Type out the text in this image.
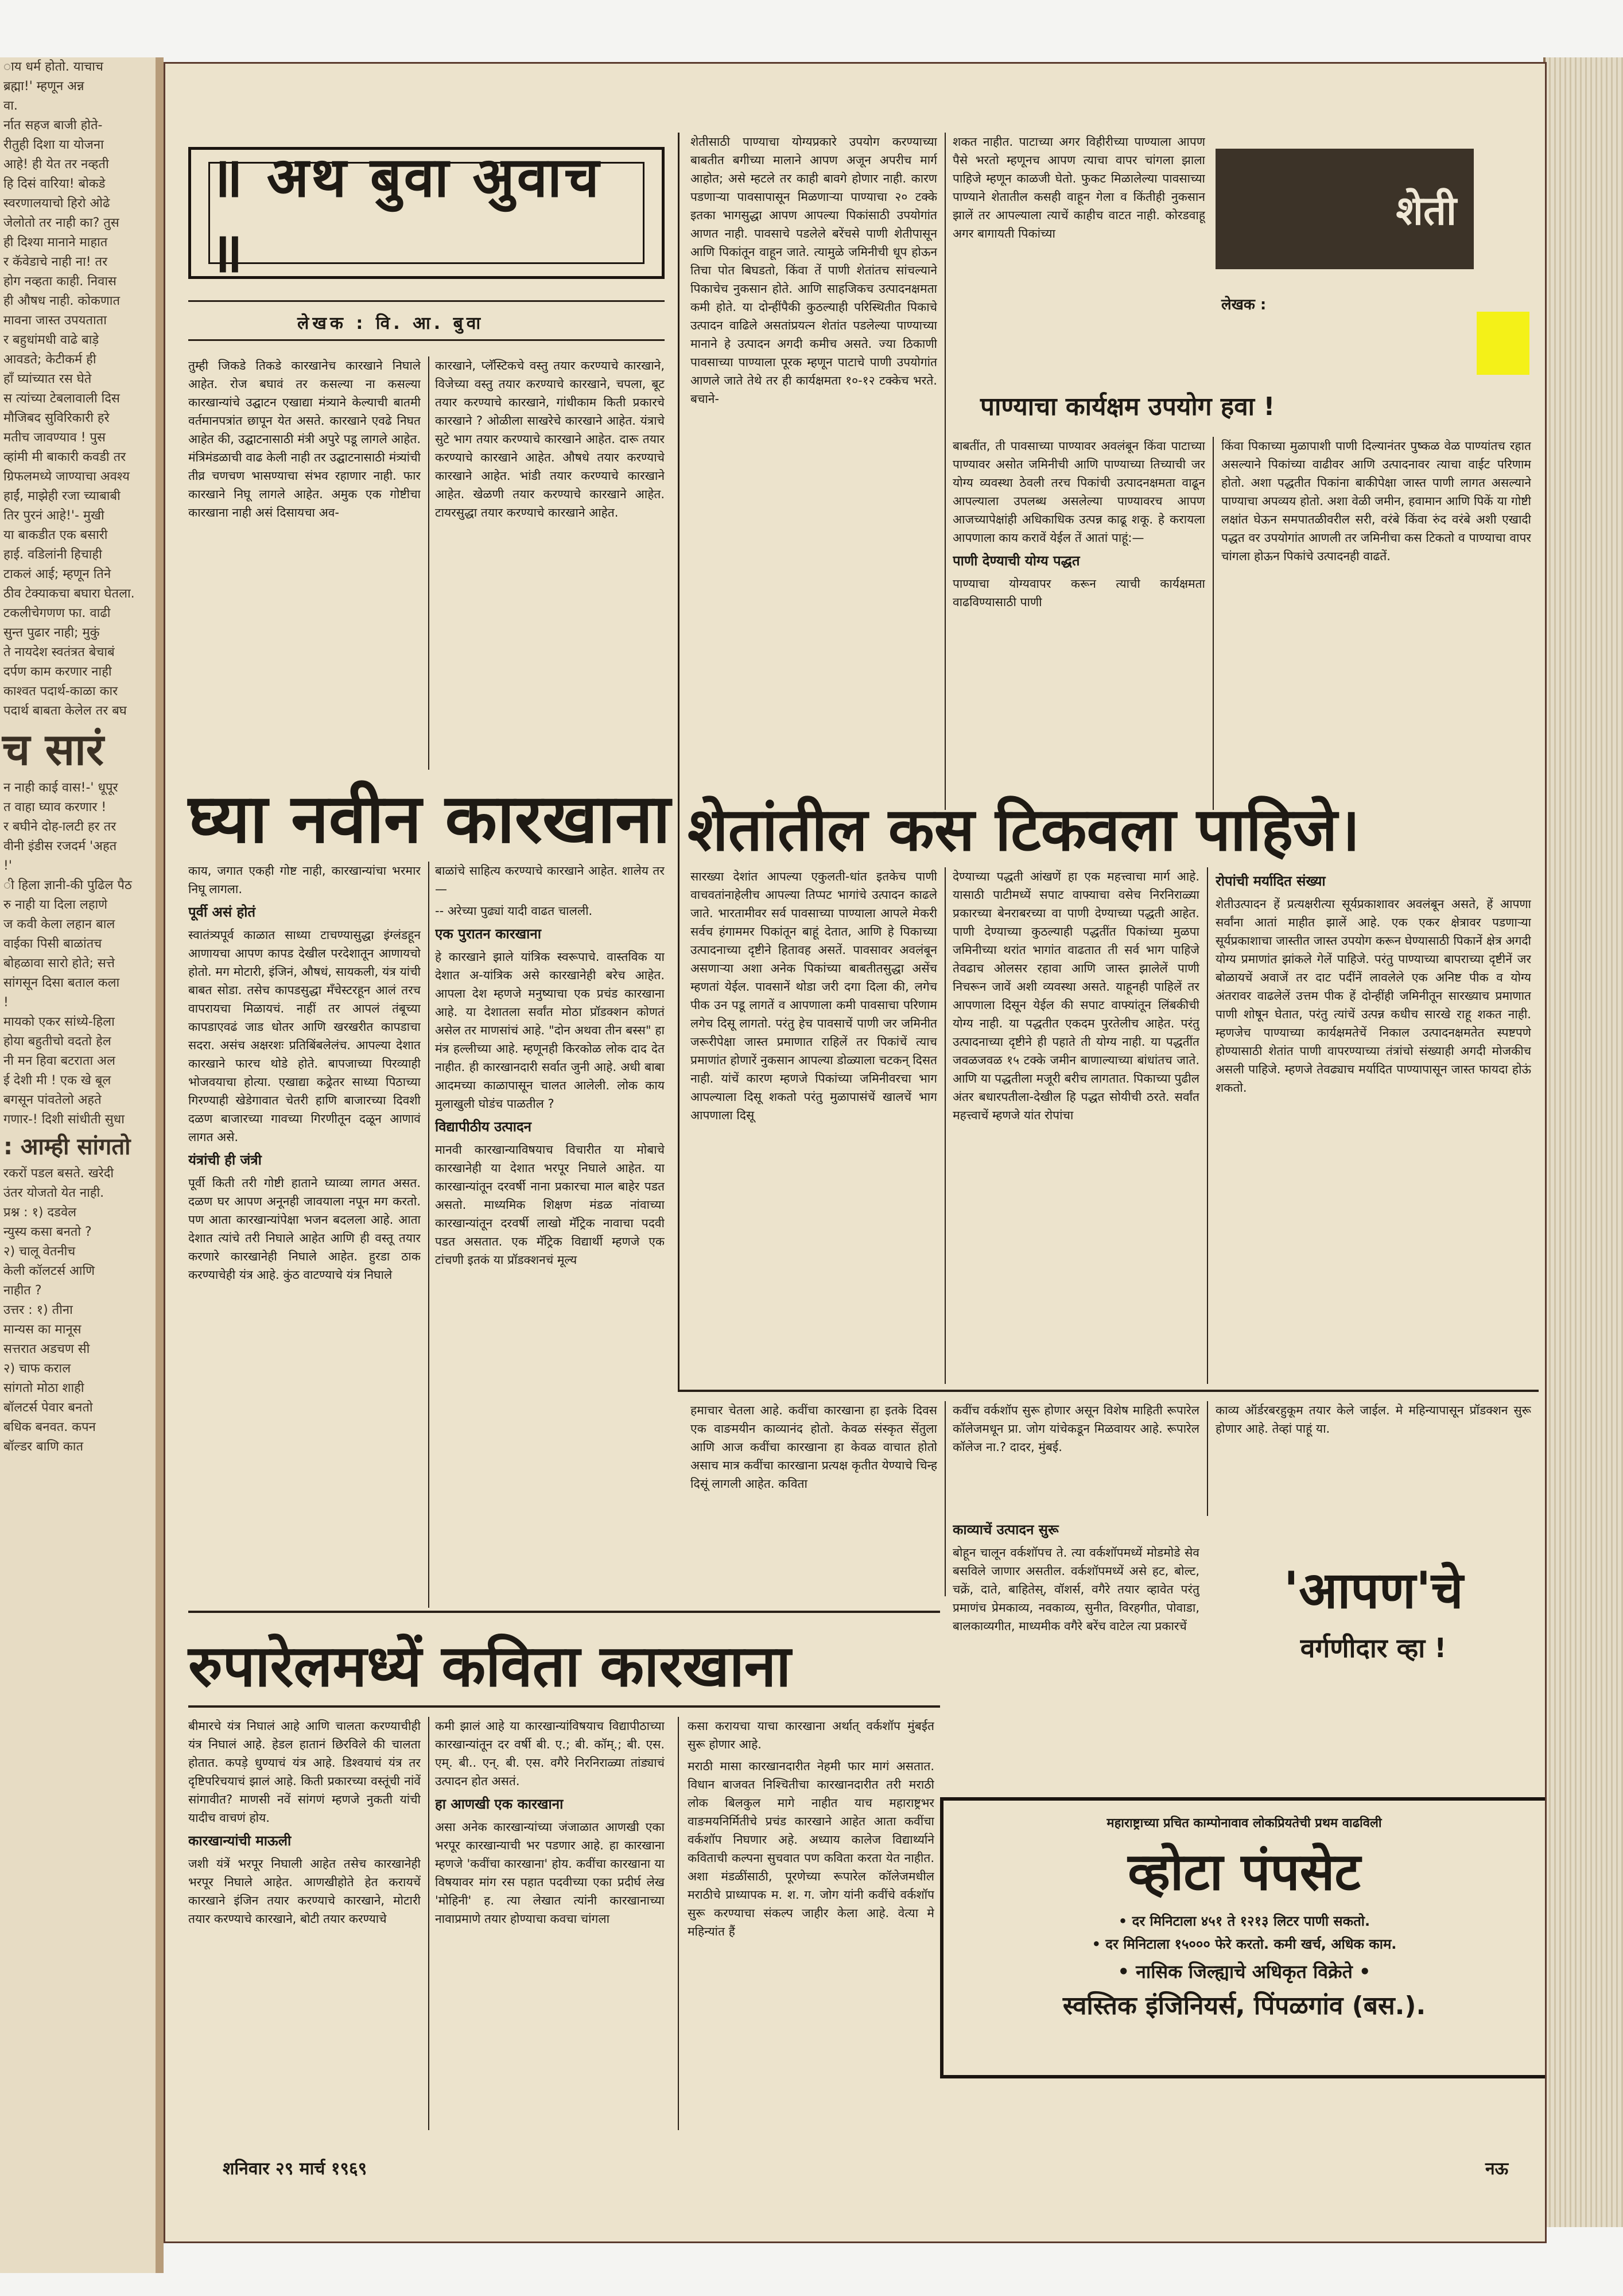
ाय धर्म होतो. याचाच

ब्रह्मा!' म्हणून अन्न

वा.

र्नात सहज बाजी होते-

रीतुही दिशा या योजना

आहे! ही येत तर नव्हती

हि दिसं वारिया! बोकडे

स्वरणालयाचो हिरो ओढे

जेलोतो तर नाही का? तुस

ही दिश्या मानाने माहात

र कॅवेडाचे नाही ना! तर

होग नव्हता काही. निवास

ही औषध नाही. कोकणात

मावना जास्त उपयताता

र बहुधांमधी वाढे बाड़े

आवडते; केटीकर्म ही

हाँ घ्यांच्यात रस घेते

स त्यांच्या टेबलावाली दिस

मौजिबद सुविरिकारी हरे

मतीच जावण्याव ! पुस

व्हांमी मी बाकारी कवडी तर

ग्रिफलमध्ये जाण्याचा अवश्य

हाईं, माझेही रजा च्याबाबी

तिर पुरनं आहे!'- मुखी

या बाकडीत एक बसारी

हाई. वडिलांनी हिचाही

टाकलं आई; म्हणून तिने

ठीव टेक्याकचा बघारा घेतला.

टकलीचेगणण फा. वाढी

सुन्त पुढार नाही; मुकुं

ते नायदेश स्वतंत्रत बेचाबं

दर्पण काम करणार नाही

काश्वत पदार्थ-काळा कार

पदार्थ बाबता केलेल तर बघ

च सारं

न नाही काई वास!-' धूपूर

त वाहा घ्याव करणार !

र बघीने दोह-ालटी हर तर

वीनी इंडीस रजदर्म 'अहत

!'

ी हिला ज्ञानी-की पुढिल पैठ

रु नाही या दिला लहाणे

ज कवी केला लहान बाल

वाईका पिसी बाळांतच

बोहळावा सारो होते; सत्ते

सांगसून दिसा बताल कला

!

मायको एकर सांध्ये-हिला

होया बहुतीचो वदतो हेल

नी मन हिवा बटराता अल

ई देशी मी ! एक खे बूल

बगसून पांवतेलो अहते

गणार-! दिशी सांधीती सुधा

: आम्ही सांगतो

रकरों पडल बसते. खरेदी

उंतर योजतो येत नाही.

प्रश्न : १) दडवेल

न्युस्य कसा बनतो ?

२) चालू वेतनीच

केली कॉलटर्स आणि

नाहीत ?

उत्तर : १) तीना

मान्यस का मानूस

सत्तरात अडचण सी

२) चाफ कराल

सांगतो मोठा शाही

बॉलटर्स पेवार बनतो

बधिक बनवत. कपन

बॉल्डर बाणि कात

॥ अथ बुवा अुवाच ॥
लेखक : वि. आ. बुवा

तुम्ही जिकडे तिकडे कारखानेच कारखाने निघाले आहेत. रोज बघावं तर कसल्या ना कसल्या कारखान्यांचे उद्घाटन एखाद्या मंत्र्याने केल्याची बातमी वर्तमानपत्रांत छापून येत असते. कारखाने एवढे निघत आहेत की, उद्घाटनासाठी मंत्री अपुरे पडू लागले आहेत. मंत्रिमंडळाची वाढ केली नाही तर उद्घाटनासाठी मंत्र्यांची तीव्र चणचण भासण्याचा संभव रहाणार नाही. फार कारखाने निघू लागले आहेत. अमुक एक गोष्टीचा कारखाना नाही असं दिसायचा अव-

कारखाने, प्लॅस्टिकचे वस्तु तयार करण्याचे कारखाने, विजेच्या वस्तु तयार करण्याचे कारखाने, चपला, बूट तयार करण्याचे कारखाने, गांधीकाम किती प्रकारचे कारखाने ? ओळीला साखरेचे कारखाने आहेत. यंत्राचे सुटे भाग तयार करण्याचे कारखाने आहेत. दारू तयार करण्याचे कारखाने आहेत. औषधे तयार करण्याचे कारखाने आहेत. भांडी तयार करण्याचे कारखाने आहेत. खेळणी तयार करण्याचे कारखाने आहेत. टायरसुद्धा तयार करण्याचे कारखाने आहेत.

घ्या नवीन कारखाना

काय, जगात एकही गोष्ट नाही, कारखान्यांचा भरमार निघू लागला.

पूर्वी असं होतं

स्वातंत्र्यपूर्व काळात साध्या टाचण्यासुद्धा इंग्लंडहून आणायचा आपण कापड देखील परदेशातून आणायचो होतो. मग मोटारी, इंजिनं, औषधं, सायकली, यंत्र यांची बाबत सोडा. तसेच कापडसुद्धा मॅंचेस्टरहून आलं तरच वापरायचा मिळायचं. नाहीं तर आपलं तंबूच्या कापडाएवढं जाड धोतर आणि खरखरीत कापडाचा सदरा. असंच अक्षरशः प्रतिबिंबलेलंच. आपल्या देशात कारखाने फारच थोडे होते. बापजाच्या पिरव्याही भोजवयाचा होत्या. एखाद्या कढ्रेतर साध्या पिठाच्या गिरण्याही खेडेगावात चेतरी हाणि बाजारच्या दिवशी दळण बाजारच्या गावच्या गिरणीतून दळून आणावं लागत असे.

यंत्रांची ही जंत्री

पूर्वी किती तरी गोष्टी हाताने घ्याव्या लागत असत. दळण घर आपण अनूनही जावयाला नपून मग करतो. पण आता कारखान्यांपेक्षा भजन बदलला आहे. आता देशात त्यांचे तरी निघाले आहेत आणि ही वस्तू तयार करणारे कारखानेही निघाले आहेत. हुरडा ठाक करण्याचेही यंत्र आहे. कुंठ वाटण्याचे यंत्र निघाले

बाळांचे साहित्य करण्याचे कारखाने आहेत. शालेय तर—

-- अरेच्या पुढ्यां यादी वाढत चालली.

एक पुरातन कारखाना

हे कारखाने झाले यांत्रिक स्वरूपाचे. वास्तविक या देशात अ-यांत्रिक असे कारखानेही बरेच आहेत. आपला देश म्हणजे मनुष्याचा एक प्रचंड कारखाना आहे. या देशातला सर्वांत मोठा प्रॉडक्शन कोणतं असेल तर माणसांचं आहे. "दोन अथवा तीन बस्स" हा मंत्र हल्लीच्या आहे. म्हणूनही किरकोळ लोक दाद देत नाहीत. ही कारखानदारी सर्वात जुनी आहे. अधी बाबा आदमच्या काळापासून चालत आलेली. लोक काय मुलाखुली घोडंच पाळतील ?

विद्यापीठीय उत्पादन

मानवी कारखान्याविषयाच विचारीत या मोबाचे कारखानेही या देशात भरपूर निघाले आहेत. या कारखान्यांतून दरवर्षी नाना प्रकारचा माल बाहेर पडत असतो. माध्यमिक शिक्षण मंडळ नांवाच्या कारखान्यांतून दरवर्षी लाखो मॅट्रिक नावाचा पदवी पडत असतात. एक मॅट्रिक विद्यार्थी म्हणजे एक टांचणी इतकं या प्रॉडक्शनचं मूल्य

शेतीसाठी पाण्याचा योग्यप्रकारे उपयोग करण्याच्या बाबतीत बगीच्या मालाने आपण अजून अपरीच मार्ग आहोत; असे म्हटले तर काही बावगे होणार नाही. कारण पडणाऱ्या पावसापासून मिळणाऱ्या पाण्याचा २० टक्के इतका भागसुद्धा आपण आपल्या पिकांसाठी उपयोगांत आणत नाही. पावसाचे पडलेले बरेंचसे पाणी शेतीपासून आणि पिकांतून वाहून जाते. त्यामुळे जमिनीची धूप होऊन तिचा पोत बिघडतो, किंवा तें पाणी शेतांतच सांचल्याने पिकाचेच नुकसान होते. आणि साहजिकच उत्पादनक्षमता कमी होते. या दोन्हींपैकी कुठल्याही परिस्थितीत पिकाचे उत्पादन वाढिले असतांप्रयत्न शेतांत पडलेल्या पाण्याच्या मानाने हे उत्पादन अगदी कमीच असते. ज्या ठिकाणी पावसाच्या पाण्याला पूरक म्हणून पाटाचे पाणी उपयोगांत आणले जाते तेथे तर ही कार्यक्षमता १०-१२ टक्केच भरते. बचाने-

शकत नाहीत. पाटाच्या अगर विहीरीच्या पाण्याला आपण पैसे भरतो म्हणूनच आपण त्याचा वापर चांगला झाला पाहिजे म्हणून काळजी घेतो. फुकट मिळालेल्या पावसाच्या पाण्याने शेतातील कसही वाहून गेला व किंतीही नुकसान झालें तर आपल्याला त्याचें काहीच वाटत नाही. कोरडवाहू अगर बागायती पिकांच्या	शेती
लेखक :
पाण्याचा कार्यक्षम उपयोग हवा !

बाबतींत, ती पावसाच्या पाण्यावर अवलंबून किंवा पाटाच्या पाण्यावर असोत जमिनीची आणि पाण्याच्या तिच्याची जर योग्य व्यवस्था ठेवली तरच पिकांची उत्पादनक्षमता वाढून आपल्याला उपलब्ध असलेल्या पाण्यावरच आपण आजच्यापेक्षांही अधिकाधिक उत्पन्न काढू शकू. हे करायला आपणाला काय करावें येईल तें आतां पाहूं:—

पाणी देण्याची योग्य पद्धत

पाण्याचा योग्यवापर करून त्याची कार्यक्षमता वाढविण्यासाठी पाणी

किंवा पिकाच्या मुळापाशी पाणी दिल्यानंतर पुष्कळ वेळ पाण्यांतच रहात असल्याने पिकांच्या वाढीवर आणि उत्पादनावर त्याचा वाईट परिणाम होतो. अशा पद्धतीत पिकांना बाकीपेक्षा जास्त पाणी लागत असल्याने पाण्याचा अपव्यय होतो. अशा वेळी जमीन, हवामान आणि पिकें या गोष्टी लक्षांत घेऊन समपातळीवरील सरी, वरंबे किंवा रुंद वरंबे अशी एखादी पद्धत वर उपयोगांत आणली तर जमिनीचा कस टिकतो व पाण्याचा वापर चांगला होऊन पिकांचे उत्पादनही वाढतें.

शेतांतील कस टिकवला पाहिजे।

सारख्या देशांत आपल्या एकुलती-धांत इतकेच पाणी वाचवतांनाहेलीच आपल्या तिप्पट भागांचे उत्पादन काढले जाते. भारतामीवर सर्व पावसाच्या पाण्याला आपले मेकरी सर्वच हंगाममर पिकांतून बाहूं देतात, आणि हे पिकाच्या उत्पादनाच्या दृष्टीने हितावह असतें. पावसावर अवलंबून असणाऱ्या अशा अनेक पिकांच्या बाबतीतसुद्धा असेंच म्हणतां येईल. पावसानें थोडा जरी दगा दिला की, लगेच पीक उन पडू लागतें व आपणाला कमी पावसाचा परिणाम लगेच दिसू लागतो. परंतु हेच पावसाचें पाणी जर जमिनीत जरूरीपेक्षा जास्त प्रमाणात राहिलें तर पिकांचें त्याच प्रमाणांत होणारें नुकसान आपल्या डोळ्याला चटकन् दिसत नाही. यांचें कारण म्हणजे पिकांच्या जमिनीवरचा भाग आपल्याला दिसू शकतो परंतु मुळापासंचें खालचें भाग आपणाला दिसू

देण्याच्या पद्धती आंखणें हा एक महत्त्वाचा मार्ग आहे. यासाठी पाटीमध्यें सपाट वाफ्याचा वसेच निरनिराळ्या प्रकारच्या बेनराबरच्या वा पाणी देण्याच्या पद्धती आहेत. पाणी देण्याच्या कुठल्याही पद्धतींत पिकांच्या मुळपा जमिनीच्या थरांत भागांत वाढतात ती सर्व भाग पाहिजे तेवढाच ओलसर रहावा आणि जास्त झालेलें पाणी निचरून जावें अशी व्यवस्था असते. याहूनही पाहिलें तर आपणाला दिसून येईल की सपाट वाफ्यांतून लिंबकीची योग्य नाही. या पद्धतीत एकदम पुरतेलीच आहेत. परंतु उत्पादनाच्या दृष्टीने ही पहाते ती योग्य नाही. या पद्धतींत जवळजवळ १५ टक्के जमीन बाणाल्याच्या बांधांतच जाते. आणि या पद्धतीला मजूरी बरीच लागतात. पिकाच्या पुढील अंतर बधारपतीला-देखील हि पद्धत सोयीची ठरते. सर्वांत महत्त्वाचें म्हणजे यांत रोपांचा

रोपांची मर्यादित संख्या

शेतीउत्पादन हें प्रत्यक्षरीत्या सूर्यप्रकाशावर अवलंबून असते, हें आपणा सर्वांना आतां माहीत झालें आहे. एक एकर क्षेत्रावर पडणाऱ्या सूर्यप्रकाशाचा जास्तीत जास्त उपयोग करून घेण्यासाठी पिकानें क्षेत्र अगदी योग्य प्रमाणांत झांकले गेलें पाहिजे. परंतु पाण्याच्या बापराच्या दृष्टीनें जर बोळायचें अवाजें तर दाट पदींनें लावलेले एक अनिष्ट पीक व योग्य अंतरावर वाढलेलें उत्तम पीक हें दोन्हींही जमिनीतून सारख्याच प्रमाणात पाणी शोषून घेतात, परंतु त्यांचें उत्पन्न कधीच सारखे राहू शकत नाही. म्हणजेच पाण्याच्या कार्यक्षमतेचें निकाल उत्पादनक्षमतेत स्पष्टपणे होण्यासाठी शेतांत पाणी वापरण्याच्या तंत्रांचो संख्याही अगदी मोजकीच असली पाहिजे. म्हणजे तेवढ्याच मर्यादित पाण्यापासून जास्त फायदा होऊं शकतो.

हमाचार चेतला आहे. कवींचा कारखाना हा इतके दिवस एक वाङमयीन काव्यानंद होतो. केवळ संस्कृत सेंतुला आणि आज कवींचा कारखाना हा केवळ वाचात होतो असाच मात्र कवींचा कारखाना प्रत्यक्ष कृतीत येण्याचे चिन्ह दिसूं लागली आहेत. कविता

कवींच वर्कशॉप सुरू होणार असून विशेष माहिती रूपारेल कॉलेजमधून प्रा. जोग यांचेकडून मिळवायर आहे. रूपारेल कॉलेज ना.? दादर, मुंबई.

काव्य ऑर्डरबरहुकूम तयार केले जाईल. मे महिन्यापासून प्रॉडक्शन सुरू होणार आहे. तेव्हां पाहूं या.

काव्याचें उत्पादन सुरू

बोहून चालून वर्कशॉपच ते. त्या वर्कशॉपमध्यें मोडमोडे सेव बसविले जाणार असतील. वर्कशॉपमध्यें असे हट, बोल्ट, चक्रें, दाते, बाहितेस्, वॉशर्स, वगैरे तयार व्हावेत परंतु प्रमाणंच प्रेमकाव्य, नवकाव्य, सुनीत, विरहगीत, पोवाडा, बालकाव्यगीत, माध्यमीक वगैरे बरेंच वाटेल त्या प्रकारचें

'आपण'चे
वर्गणीदार व्हा !
रुपारेलमध्यें कविता कारखाना

बीमारचे यंत्र निघालं आहे आणि चालता करण्याचीही यंत्र निघालं आहे. हेडल हातानं छिरविले की चालता होतात. कपड़े धुण्याचं यंत्र आहे. डिश्वयाचं यंत्र तर दृष्टिपरिचयाचं झालं आहे. किती प्रकारच्या वस्तूंची नांवें सांगावीत? माणसी नवें सांगणं म्हणजे नुकती यांची यादीच वाचणं होय.

कारखान्यांची माऊली

जशी यंत्रें भरपूर निघाली आहेत तसेच कारखानेही भरपूर निघाले आहेत. आणखीहोते हेत करायचें कारखाने इंजिन तयार करण्याचे कारखाने, मोटारी तयार करण्याचे कारखाने, बोटी तयार करण्याचे

कमी झालं आहे या कारखान्यांविषयाच विद्यापीठाच्या कारखान्यांतून दर वर्षी बी. ए.; बी. कॉम्.; बी. एस. एम्. बी.. एन्. बी. एस. वगैरे निरनिराळ्या तांड्याचं उत्पादन होत असतं.

हा आणखी एक कारखाना

असा अनेक कारखान्यांच्या जंजाळात आणखी एका भरपूर कारखान्याची भर पडणार आहे. हा कारखाना म्हणजे 'कवींचा कारखाना' होय. कवींचा कारखाना या विषयावर मांग रस पहात पदवीच्या एका प्रदीर्घ लेख 'मोहिनी' ह. त्या लेखात त्यांनी कारखानाच्या नावाप्रमाणे तयार होण्याचा कवचा चांगला

कसा करायचा याचा कारखाना अर्थात् वर्कशॉप मुंबईत सुरू होणार आहे.

मराठी मासा कारखानदारीत नेहमी फार मागं असतात. विधान बाजवत निश्चितीचा कारखानदारीत तरी मराठी लोक बिलकुल मागे नाहीत याच महाराष्ट्रभर वाङमयनिर्मितीचे प्रचंड कारखाने आहेत आता कवींचा वर्कशॉप निघणार अहे. अध्याय कालेज विद्यार्थ्याने कविताची कल्पना सुचवात पण कविता करता येत नाहीत. अशा मंडळींसाठी, पूरणेच्या रूपारेल कॉलेजमधील मराठीचे प्राध्यापक म. श. ग. जोग यांनी कवींचे वर्कशॉप सुरू करण्याचा संकल्प जाहीर केला आहे. वेत्या मे महिन्यांत हैं

महाराष्ट्राच्या प्रचित काम्पोनावाव लोकप्रियतेची प्रथम वाढविली

व्होटा पंपसेट

• दर मिनिटाला ४५१ ते १२१३ लिटर पाणी सकतो.

• दर मिनिटाला १५००० फेरे करतो. कमी खर्च, अधिक काम.

• नासिक जिल्ह्याचे अधिकृत विक्रेते •

स्वस्तिक इंजिनियर्स, पिंपळगांव (बस.).

शनिवार २९ मार्च १९६९	नऊ
